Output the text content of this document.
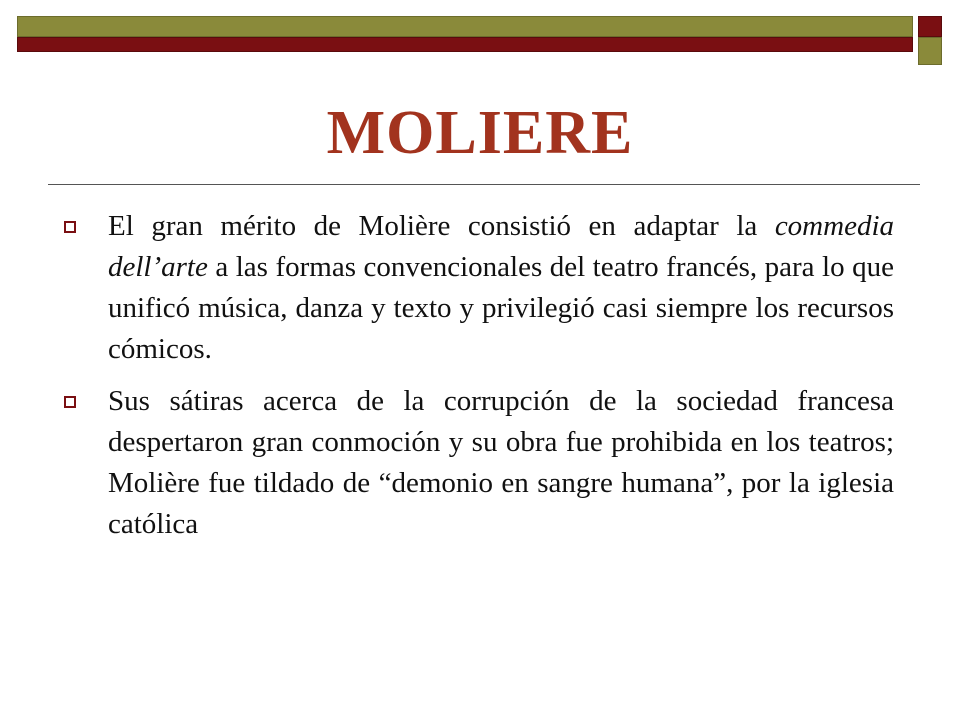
MOLIERE
El gran mérito de Molière consistió en adaptar la commedia dell’arte a las formas convencionales del teatro francés, para lo que unificó música, danza y texto y privilegió casi siempre los recursos cómicos.
Sus sátiras acerca de la corrupción de la sociedad francesa despertaron gran conmoción y su obra fue prohibida en los teatros; Molière fue tildado de “demonio en sangre humana”, por la iglesia católica
